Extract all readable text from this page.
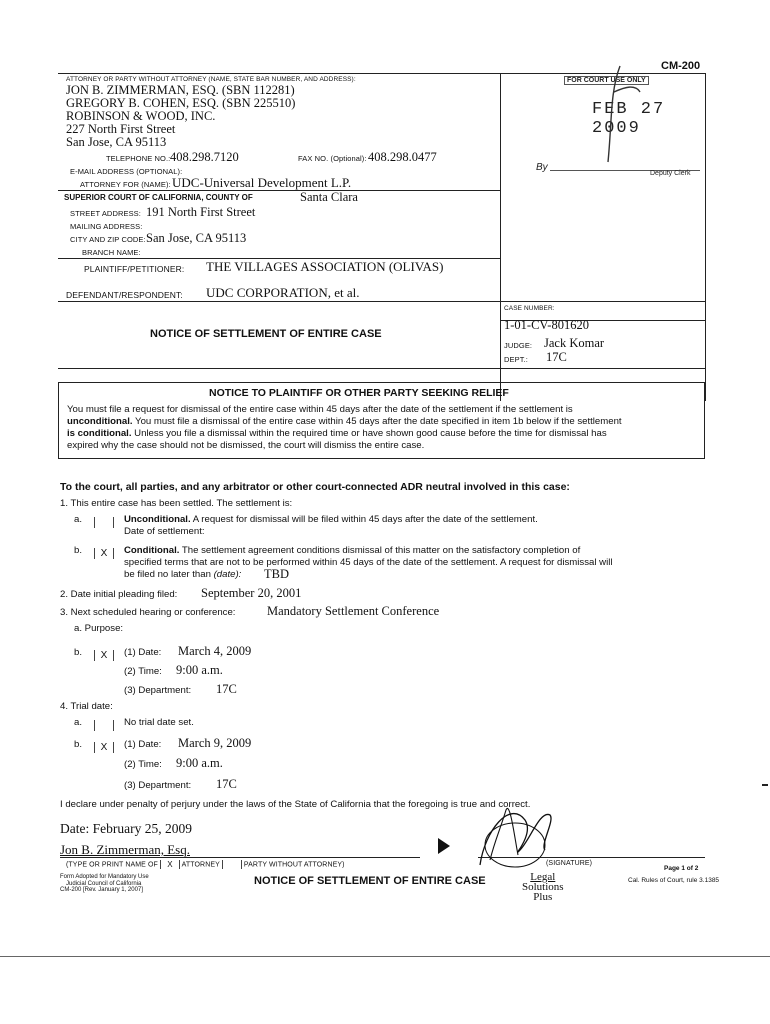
CM-200
FOR COURT USE ONLY
FEB 27 2009
By
Deputy Clerk
ATTORNEY OR PARTY WITHOUT ATTORNEY (NAME, STATE BAR NUMBER, AND ADDRESS):
JON B. ZIMMERMAN, ESQ. (SBN 112281)
GREGORY B. COHEN, ESQ. (SBN 225510)
ROBINSON & WOOD, INC.
227 North First Street
San Jose, CA 95113
TELEPHONE NO.: 408.298.7120	FAX NO. (Optional): 408.298.0477
E-MAIL ADDRESS (OPTIONAL):
ATTORNEY FOR (NAME): UDC-Universal Development L.P.
SUPERIOR COURT OF CALIFORNIA, COUNTY OF	Santa Clara
STREET ADDRESS: 191 North First Street
MAILING ADDRESS:
CITY AND ZIP CODE: San Jose, CA 95113
BRANCH NAME:
PLAINTIFF/PETITIONER: THE VILLAGES ASSOCIATION (OLIVAS)
DEFENDANT/RESPONDENT: UDC CORPORATION, et al.
NOTICE OF SETTLEMENT OF ENTIRE CASE
CASE NUMBER:
1-01-CV-801620
JUDGE: Jack Komar
DEPT.: 17C
NOTICE TO PLAINTIFF OR OTHER PARTY SEEKING RELIEF
You must file a request for dismissal of the entire case within 45 days after the date of the settlement if the settlement is
unconditional. You must file a dismissal of the entire case within 45 days after the date specified in item 1b below if the settlement
is conditional. Unless you file a dismissal within the required time or have shown good cause before the time for dismissal has
expired why the case should not be dismissed, the court will dismiss the entire case.
To the court, all parties, and any arbitrator or other court-connected ADR neutral involved in this case:
1. This entire case has been settled. The settlement is:
a.	Unconditional. A request for dismissal will be filed within 45 days after the date of the settlement.
Date of settlement:
b.	X	Conditional. The settlement agreement conditions dismissal of this matter on the satisfactory completion of
specified terms that are not to be performed within 45 days of the date of the settlement. A request for dismissal will
be filed no later than (date): TBD
2. Date initial pleading filed: September 20, 2001
3. Next scheduled hearing or conference:	Mandatory Settlement Conference
a. Purpose:
b.	X	(1) Date: March 4, 2009
(2) Time: 9:00 a.m.
(3) Department: 17C
4. Trial date:
a.	No trial date set.
b.	X	(1) Date: March 9, 2009
(2) Time: 9:00 a.m.
(3) Department: 17C
I declare under penalty of perjury under the laws of the State of California that the foregoing is true and correct.
Date: February 25, 2009
Jon B. Zimmerman, Esq.
(TYPE OR PRINT NAME OF X ATTORNEY	PARTY WITHOUT ATTORNEY)	(SIGNATURE)
Form Adopted for Mandatory Use
Judicial Council of California
CM-200 [Rev. January 1, 2007]
NOTICE OF SETTLEMENT OF ENTIRE CASE	Legal
Solutions
Plus
Page 1 of 2
Cal. Rules of Court, rule 3.1385
